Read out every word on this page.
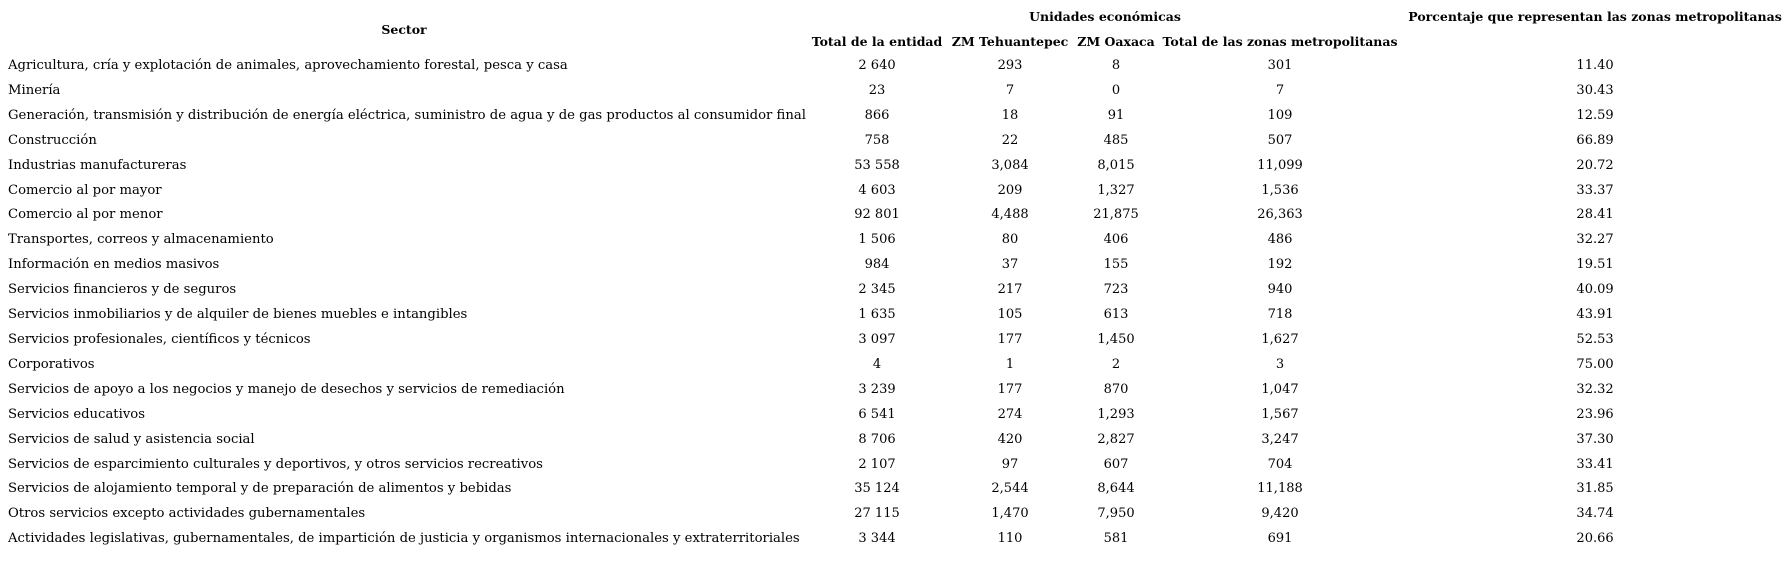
Sector	Unidades económicas				Porcentaje que representan las zonas metropolitanas
	Total de la entidad	ZM Tehuantepec	ZM Oaxaca	Total de las zonas metropolitanas	
Agricultura, cría y explotación de animales, aprovechamiento forestal, pesca y casa	2 640	293	8	301	11.40
Minería	23	7	0	7	30.43
Generación, transmisión y distribución de energía eléctrica, suministro de agua y de gas productos al consumidor final	866	18	91	109	12.59
Construcción	758	22	485	507	66.89
Industrias manufactureras	53 558	3,084	8,015	11,099	20.72
Comercio al por mayor	4 603	209	1,327	1,536	33.37
Comercio al por menor	92 801	4,488	21,875	26,363	28.41
Transportes, correos y almacenamiento	1 506	80	406	486	32.27
Información en medios masivos	984	37	155	192	19.51
Servicios financieros y de seguros	2 345	217	723	940	40.09
Servicios inmobiliarios y de alquiler de bienes muebles e intangibles	1 635	105	613	718	43.91
Servicios profesionales, científicos y técnicos	3 097	177	1,450	1,627	52.53
Corporativos	4	1	2	3	75.00
Servicios de apoyo a los negocios y manejo de desechos y servicios de remediación	3 239	177	870	1,047	32.32
Servicios educativos	6 541	274	1,293	1,567	23.96
Servicios de salud y asistencia social	8 706	420	2,827	3,247	37.30
Servicios de esparcimiento culturales y deportivos, y otros servicios recreativos	2 107	97	607	704	33.41
Servicios de alojamiento temporal y de preparación de alimentos y bebidas	35 124	2,544	8,644	11,188	31.85
Otros servicios excepto actividades gubernamentales	27 115	1,470	7,950	9,420	34.74
Actividades legislativas, gubernamentales, de impartición de justicia y organismos internacionales y extraterritoriales	3 344	110	581	691	20.66
